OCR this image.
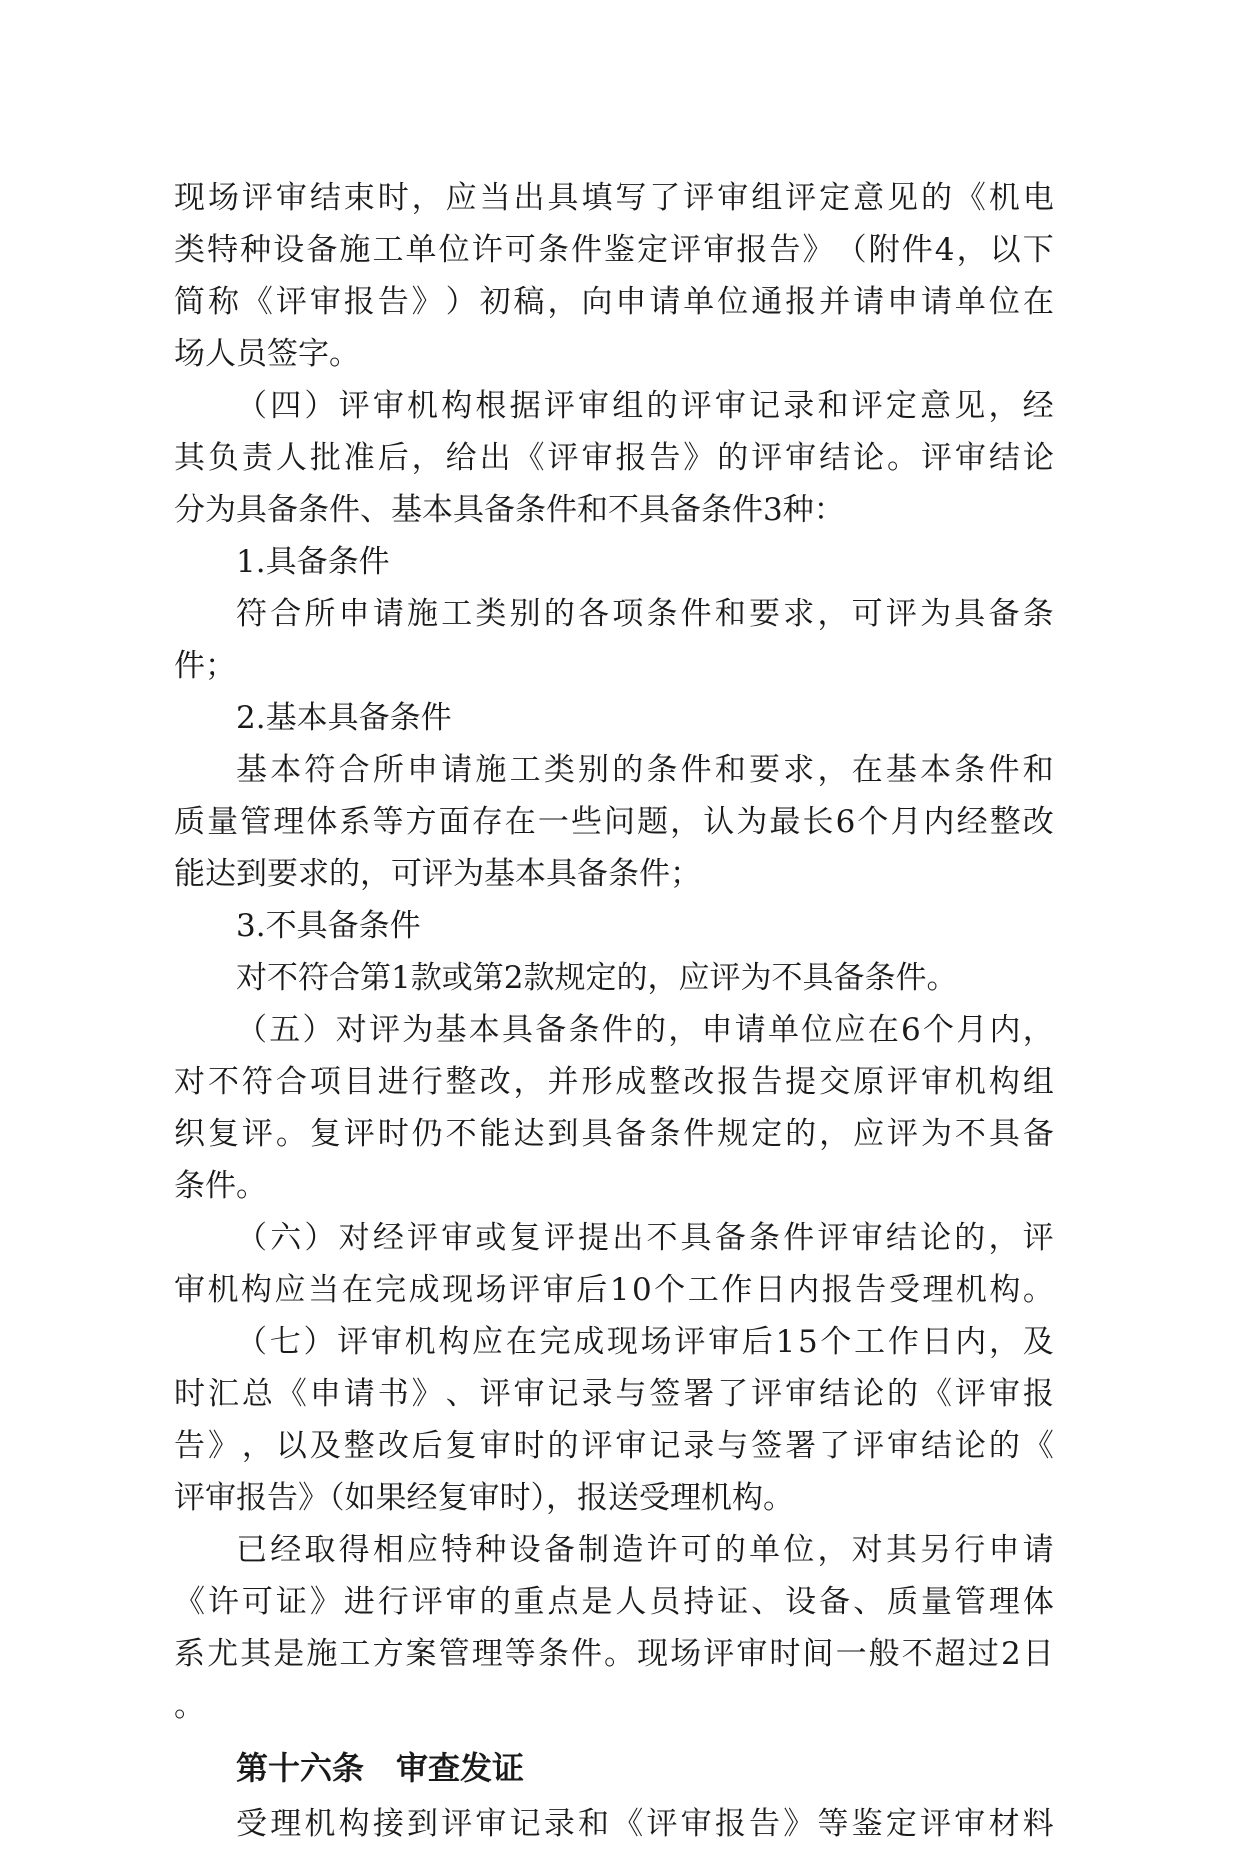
现 场 评 审 结 束 时 ， 应 当 出 具 填 写 了 评 审 组 评 定 意 见 的 《 机 电
类 特 种 设 备 施 工 单 位 许 可 条 件 鉴 定 评 审 报 告 》 （ 附 件 4 ， 以 下
简 称 《 评 审 报 告 》 ） 初 稿 ， 向 申 请 单 位 通 报 并 请 申 请 单 位 在
场人员签字。
（ 四 ） 评 审 机 构 根 据 评 审 组 的 评 审 记 录 和 评 定 意 见 ， 经
其 负 责 人 批 准 后 ， 给 出 《 评 审 报 告 》 的 评 审 结 论 。 评 审 结 论
分为具备条件、基本具备条件和不具备条件3种：
1.具备条件
符 合 所 申 请 施 工 类 别 的 各 项 条 件 和 要 求 ， 可 评 为 具 备 条
件；
2.基本具备条件
基 本 符 合 所 申 请 施 工 类 别 的 条 件 和 要 求 ， 在 基 本 条 件 和
质 量 管 理 体 系 等 方 面 存 在 一 些 问 题 ， 认 为 最 长 6 个 月 内 经 整 改
能达到要求的，可评为基本具备条件；
3.不具备条件
对不符合第1款或第2款规定的，应评为不具备条件。
（ 五 ） 对 评 为 基 本 具 备 条 件 的 ， 申 请 单 位 应 在 6 个 月 内 ，
对 不 符 合 项 目 进 行 整 改 ， 并 形 成 整 改 报 告 提 交 原 评 审 机 构 组
织 复 评 。 复 评 时 仍 不 能 达 到 具 备 条 件 规 定 的 ， 应 评 为 不 具 备
条件。
（ 六 ） 对 经 评 审 或 复 评 提 出 不 具 备 条 件 评 审 结 论 的 ， 评
审 机 构 应 当 在 完 成 现 场 评 审 后 1 0 个 工 作 日 内 报 告 受 理 机 构 。
（ 七 ） 评 审 机 构 应 在 完 成 现 场 评 审 后 1 5 个 工 作 日 内 ， 及
时 汇 总 《 申 请 书 》 、 评 审 记 录 与 签 署 了 评 审 结 论 的 《 评 审 报
告 》 ， 以 及 整 改 后 复 审 时 的 评 审 记 录 与 签 署 了 评 审 结 论 的 《
评审报告》（如果经复审时），报送受理机构。
已 经 取 得 相 应 特 种 设 备 制 造 许 可 的 单 位 ， 对 其 另 行 申 请
《 许 可 证 》 进 行 评 审 的 重 点 是 人 员 持 证 、 设 备 、 质 量 管 理 体
系 尤 其 是 施 工 方 案 管 理 等 条 件 。 现 场 评 审 时 间 一 般 不 超 过 2 日
。
第十六条 审查发证
受 理 机 构 接 到 评 审 记 录 和 《 评 审 报 告 》 等 鉴 定 评 审 材 料
